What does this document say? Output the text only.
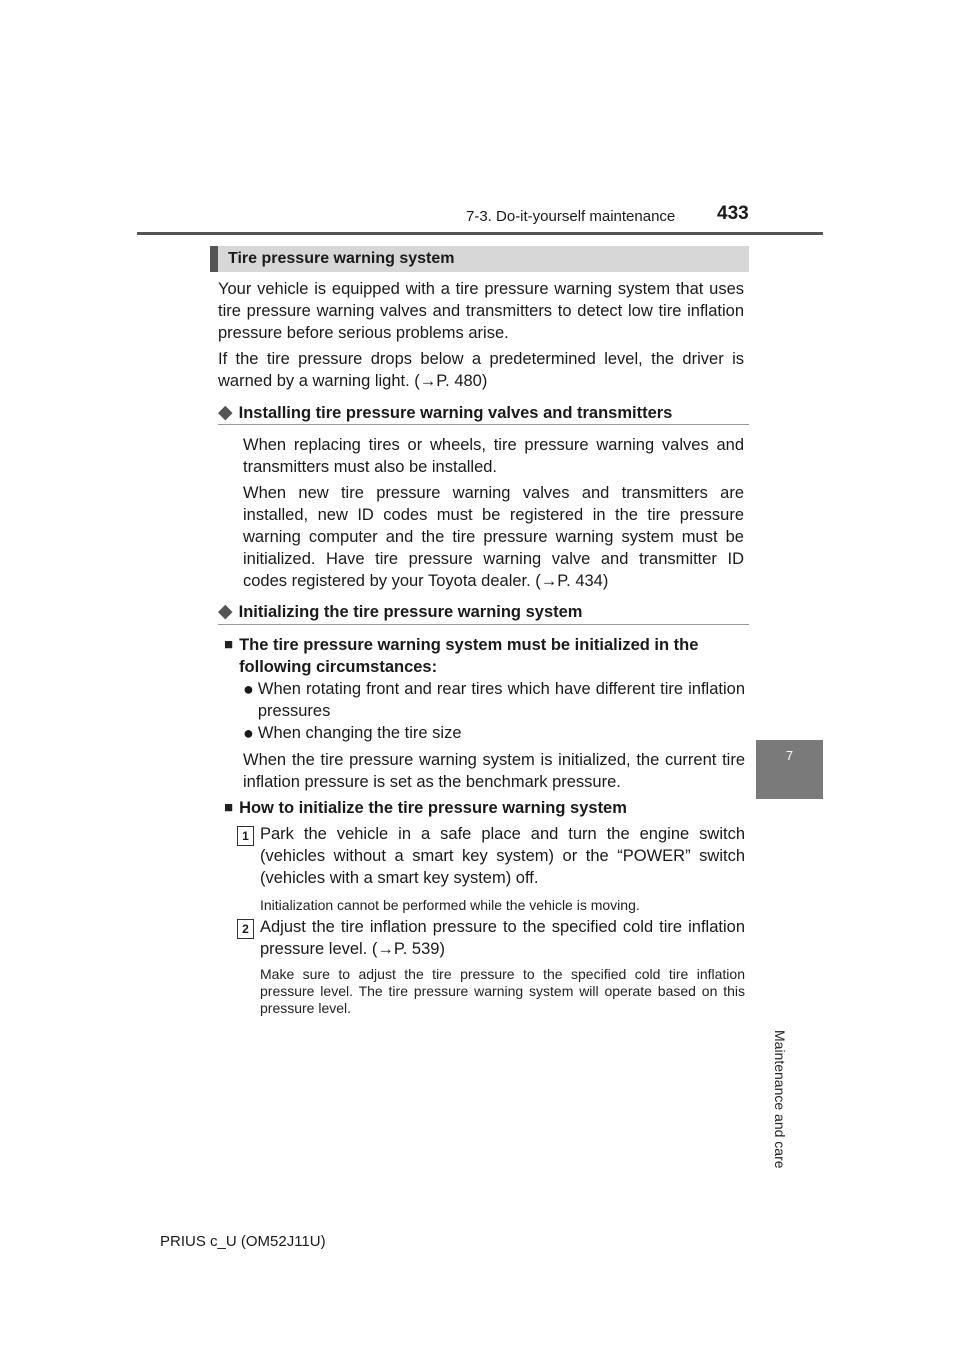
7-3. Do-it-yourself maintenance 433
7
Maintenance and care
Tire pressure warning system
Your vehicle is equipped with a tire pressure warning system that uses tire pressure warning valves and transmitters to detect low tire inflation pressure before serious problems arise.
If the tire pressure drops below a predetermined level, the driver is warned by a warning light. (→P. 480)
◆ Installing tire pressure warning valves and transmitters
When replacing tires or wheels, tire pressure warning valves and transmitters must also be installed.
When new tire pressure warning valves and transmitters are installed, new ID codes must be registered in the tire pressure warning computer and the tire pressure warning system must be initialized. Have tire pressure warning valve and transmitter ID codes registered by your Toyota dealer. (→P. 434)
◆ Initializing the tire pressure warning system
■ The tire pressure warning system must be initialized in the following circumstances:
● When rotating front and rear tires which have different tire inflation pressures
● When changing the tire size
When the tire pressure warning system is initialized, the current tire inflation pressure is set as the benchmark pressure.
■ How to initialize the tire pressure warning system
1 Park the vehicle in a safe place and turn the engine switch (vehicles without a smart key system) or the “POWER” switch (vehicles with a smart key system) off.
Initialization cannot be performed while the vehicle is moving.
2 Adjust the tire inflation pressure to the specified cold tire inflation pressure level. (→P. 539)
Make sure to adjust the tire pressure to the specified cold tire inflation pressure level. The tire pressure warning system will operate based on this pressure level.
PRIUS c_U (OM52J11U)
